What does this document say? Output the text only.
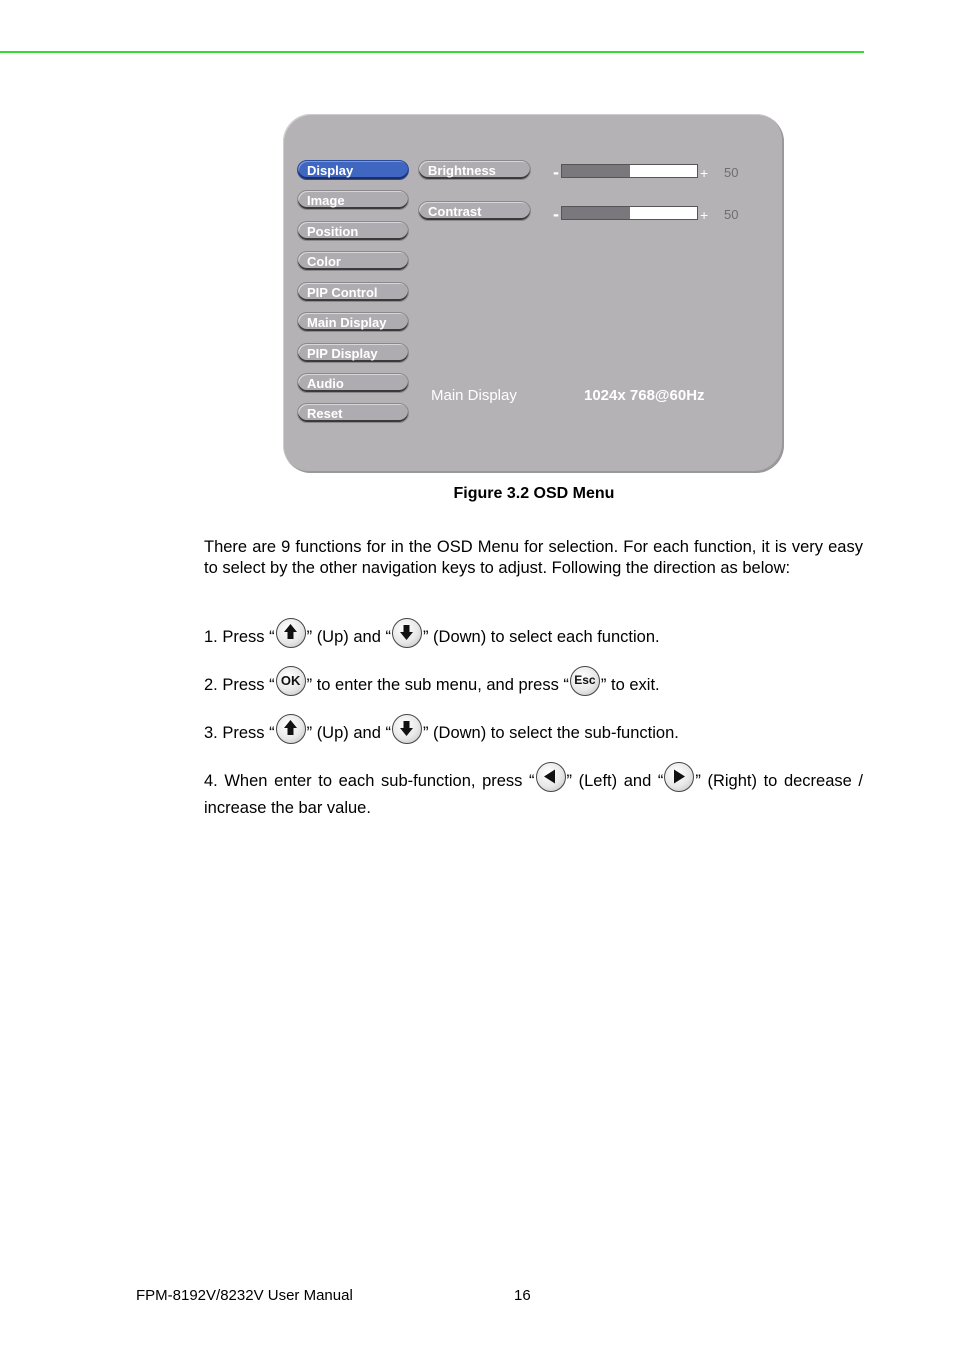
Display
Image
Position
Color
PIP Control
Main Display
PIP Display
Audio
Reset
Brightness	-	+ 50
Contrast	-	+ 50
Main Display	1024x 768@60Hz
Figure 3.2 OSD Menu
There are 9 functions for in the OSD Menu for selection. For each function, it is very easy to select by the other navigation keys to adjust. Following the direction as below:
1. Press “ ” (Up) and “ ” (Down) to select each function.
2. Press “ OK ” to enter the sub menu, and press “ Esc ” to exit.
3. Press “ ” (Up) and “ ” (Down) to select the sub-function.
4. When enter to each sub-function, press “ ” (Left) and “ ” (Right) to decrease / increase the bar value.
FPM-8192V/8232V User Manual	16
